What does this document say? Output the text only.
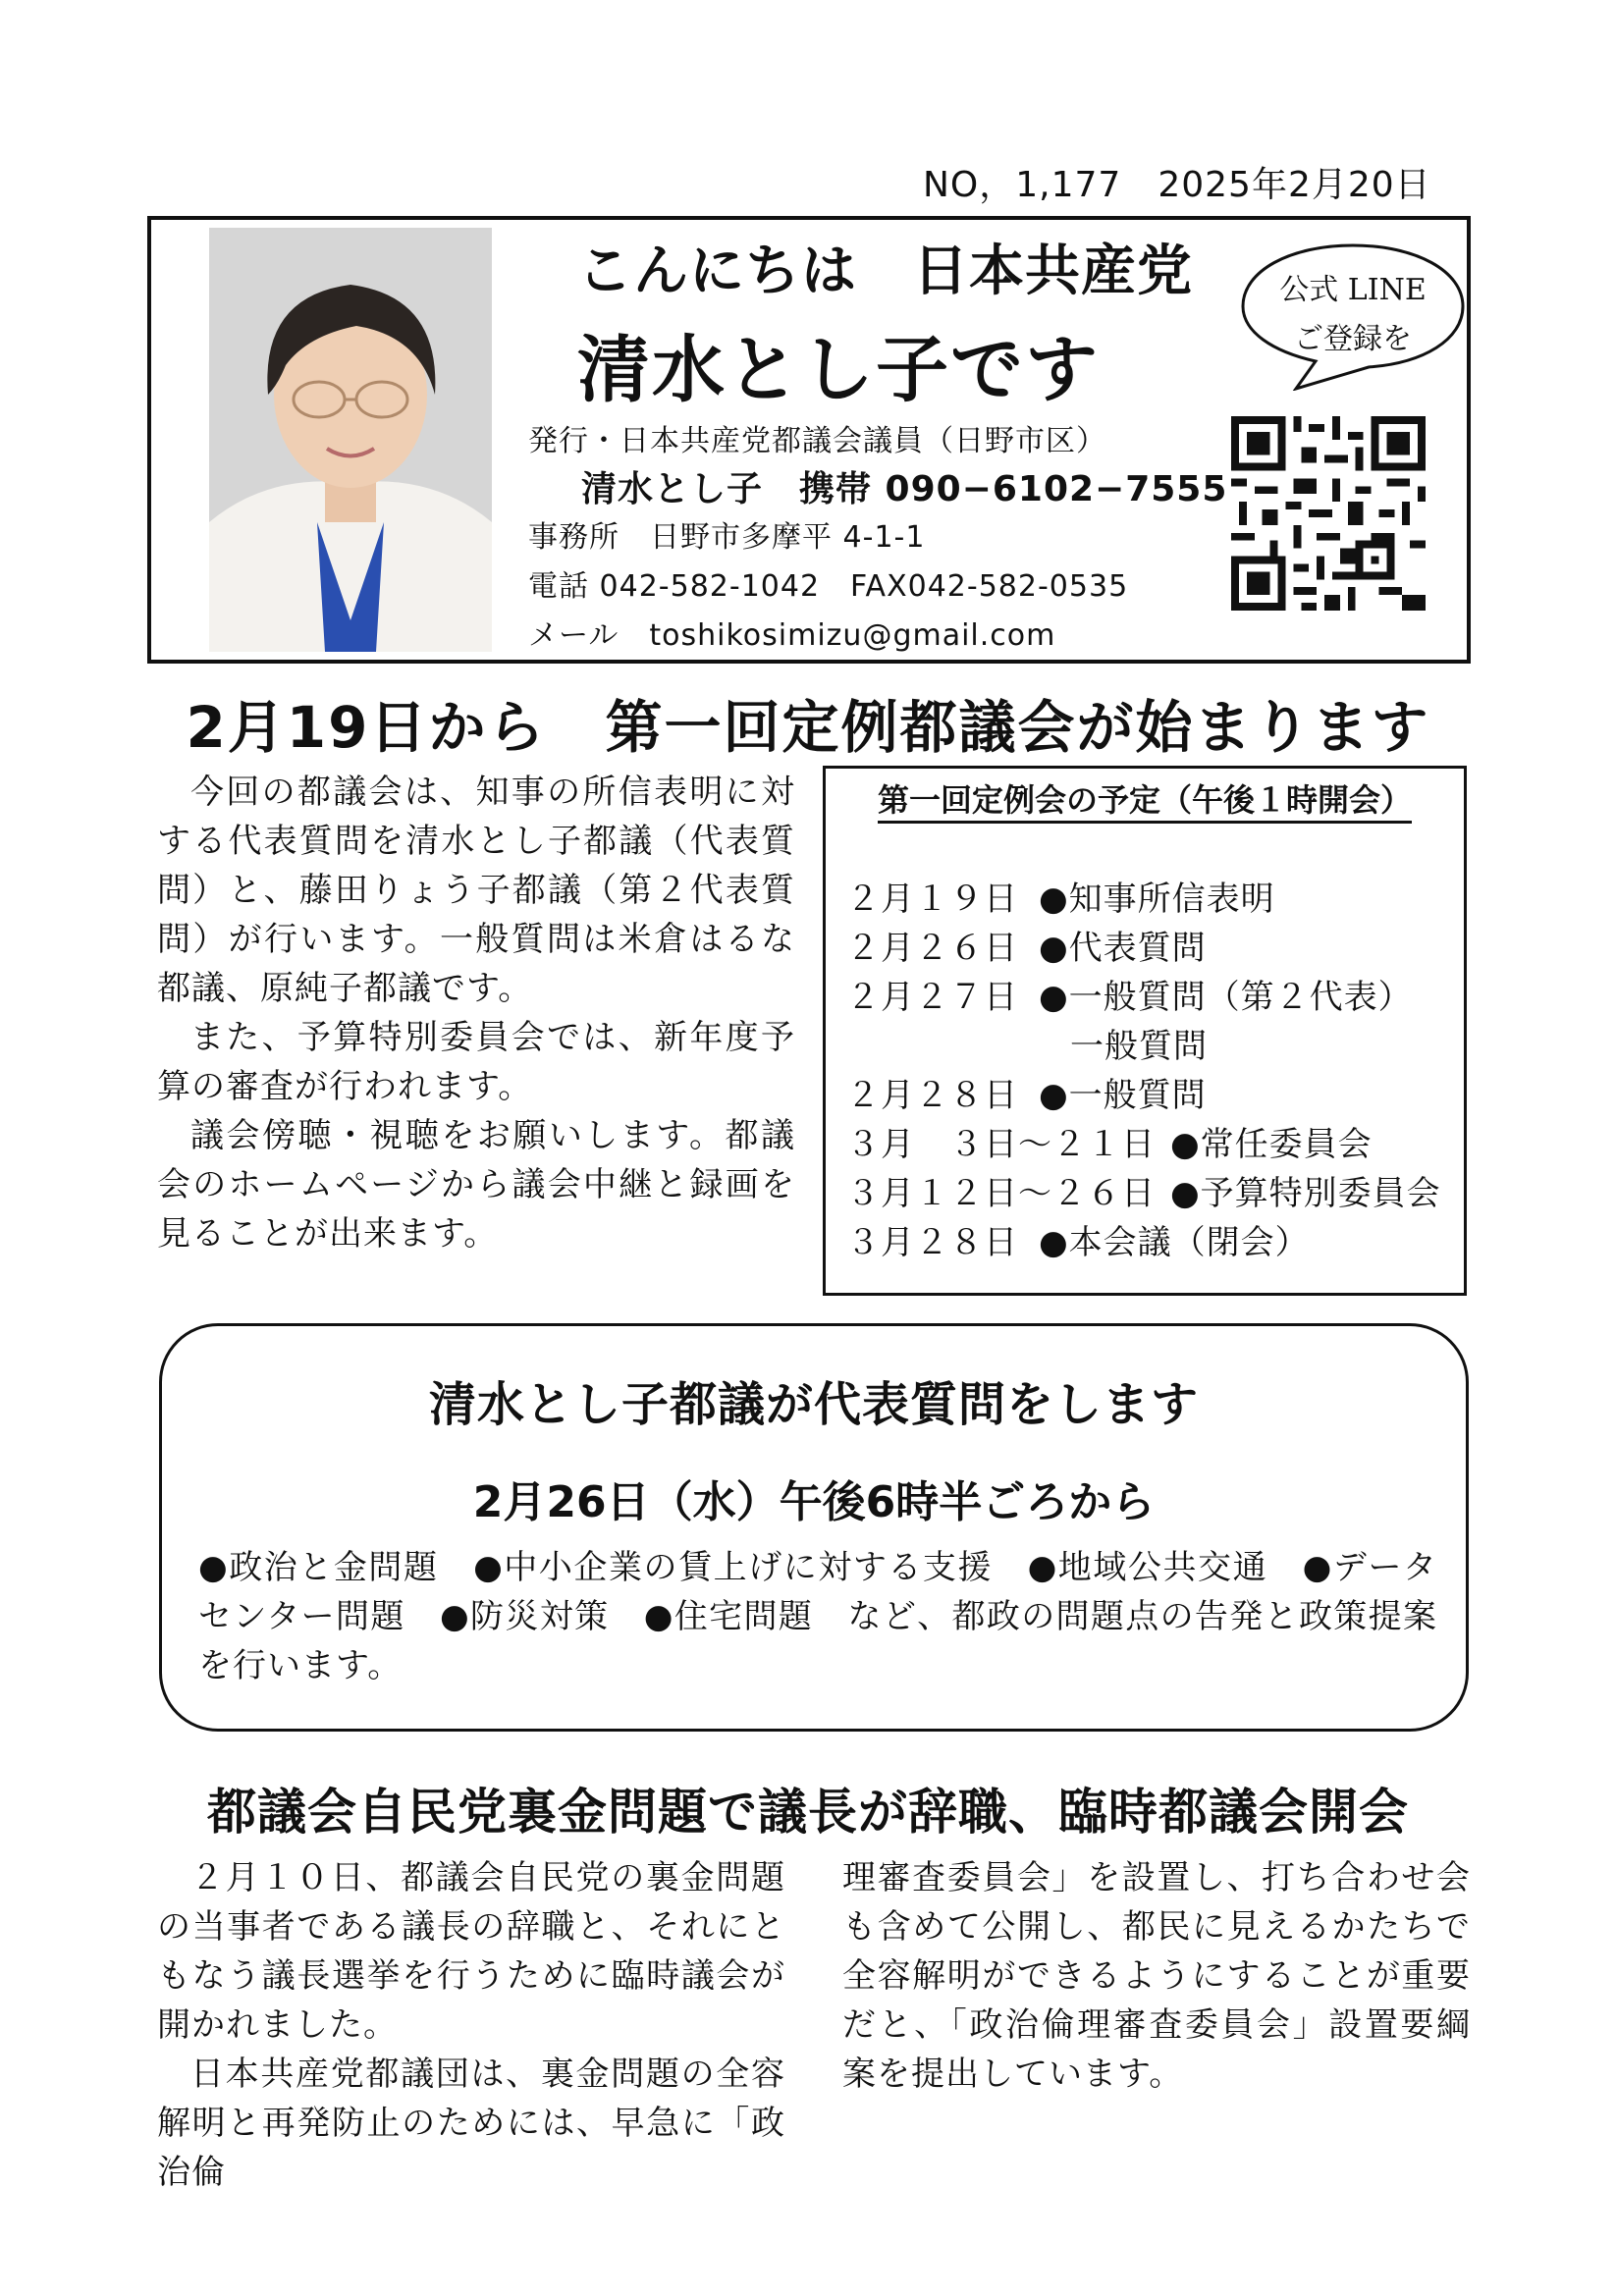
NO，1,177　2025年2月20日
こんにちは　日本共産党
清水とし子です
発行・日本共産党都議会議員（日野市区）
清水とし子　携帯 090−6102−7555
事務所　日野市多摩平 4-1-1
電話 042-582-1042　FAX042-582-0535
メール　toshikosimizu@gmail.com
公式 LINE
ご登録を
2月19日から　第一回定例都議会が始まります
今回の都議会は、知事の所信表明に対する代表質問を清水とし子都議（代表質問）と、藤田りょう子都議（第２代表質問）が行います。一般質問は米倉はるな都議、原純子都議です。
また、予算特別委員会では、新年度予算の審査が行われます。
議会傍聴・視聴をお願いします。都議会のホームページから議会中継と録画を見ることが出来ます。
第一回定例会の予定（午後１時開会）
２月１９日 ●知事所信表明
２月２６日 ●代表質問
２月２７日 ●一般質問（第２代表）
一般質問
２月２８日 ●一般質問
３月　３日〜２１日 ●常任委員会
３月１２日〜２６日 ●予算特別委員会
３月２８日 ●本会議（閉会）
清水とし子都議が代表質問をします
2月26日（水）午後6時半ごろから
●政治と金問題　●中小企業の賃上げに対する支援　●地域公共交通　●データセンター問題　●防災対策　●住宅問題　など、都政の問題点の告発と政策提案を行います。
都議会自民党裏金問題で議長が辞職、臨時都議会開会
２月１０日、都議会自民党の裏金問題の当事者である議長の辞職と、それにともなう議長選挙を行うために臨時議会が開かれました。
日本共産党都議団は、裏金問題の全容解明と再発防止のためには、早急に「政治倫
理審査委員会」を設置し、打ち合わせ会も含めて公開し、都民に見えるかたちで全容解明ができるようにすることが重要だと、「政治倫理審査委員会」設置要綱案を提出しています。
